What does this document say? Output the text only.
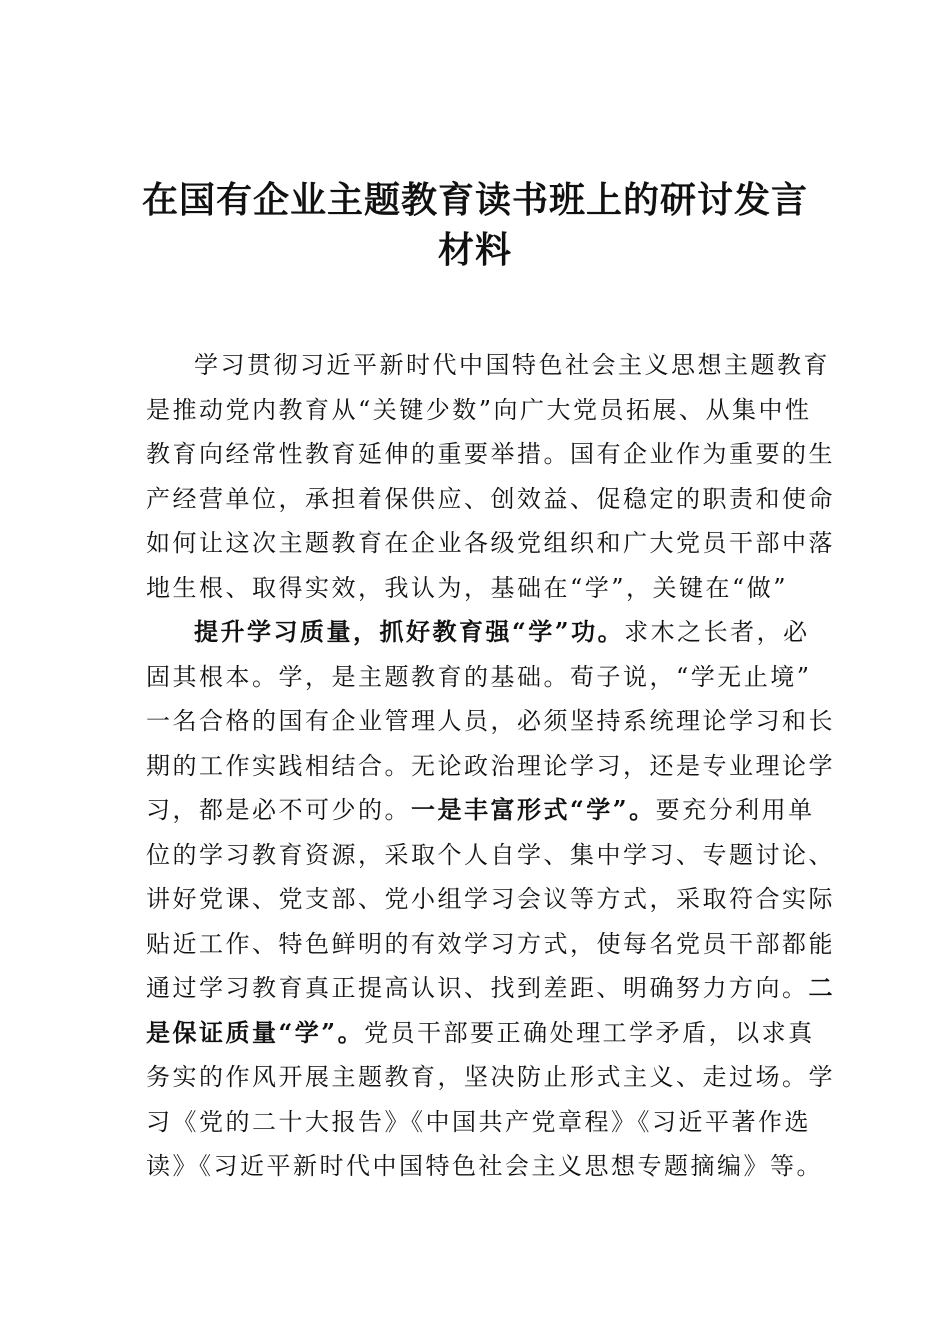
在国有企业主题教育读书班上的研讨发言
材料
学习贯彻习近平新时代中国特色社会主义思想主题教育
是推动党内教育从“关键少数”向广大党员拓展、从集中性
教育向经常性教育延伸的重要举措。国有企业作为重要的生
产经营单位，承担着保供应、创效益、促稳定的职责和使命
如何让这次主题教育在企业各级党组织和广大党员干部中落
地生根、取得实效，我认为，基础在“学”，关键在“做”
提升学习质量，抓好教育强“学”功。求木之长者，必
固其根本。学，是主题教育的基础。荀子说，“学无止境”
一名合格的国有企业管理人员，必须坚持系统理论学习和长
期的工作实践相结合。无论政治理论学习，还是专业理论学
习，都是必不可少的。一是丰富形式“学”。要充分利用单
位的学习教育资源，采取个人自学、集中学习、专题讨论、
讲好党课、党支部、党小组学习会议等方式，采取符合实际
贴近工作、特色鲜明的有效学习方式，使每名党员干部都能
通过学习教育真正提高认识、找到差距、明确努力方向。二
是保证质量“学”。党员干部要正确处理工学矛盾，以求真
务实的作风开展主题教育，坚决防止形式主义、走过场。学
习《党的二十大报告》《中国共产党章程》《习近平著作选
读》《习近平新时代中国特色社会主义思想专题摘编》等。
